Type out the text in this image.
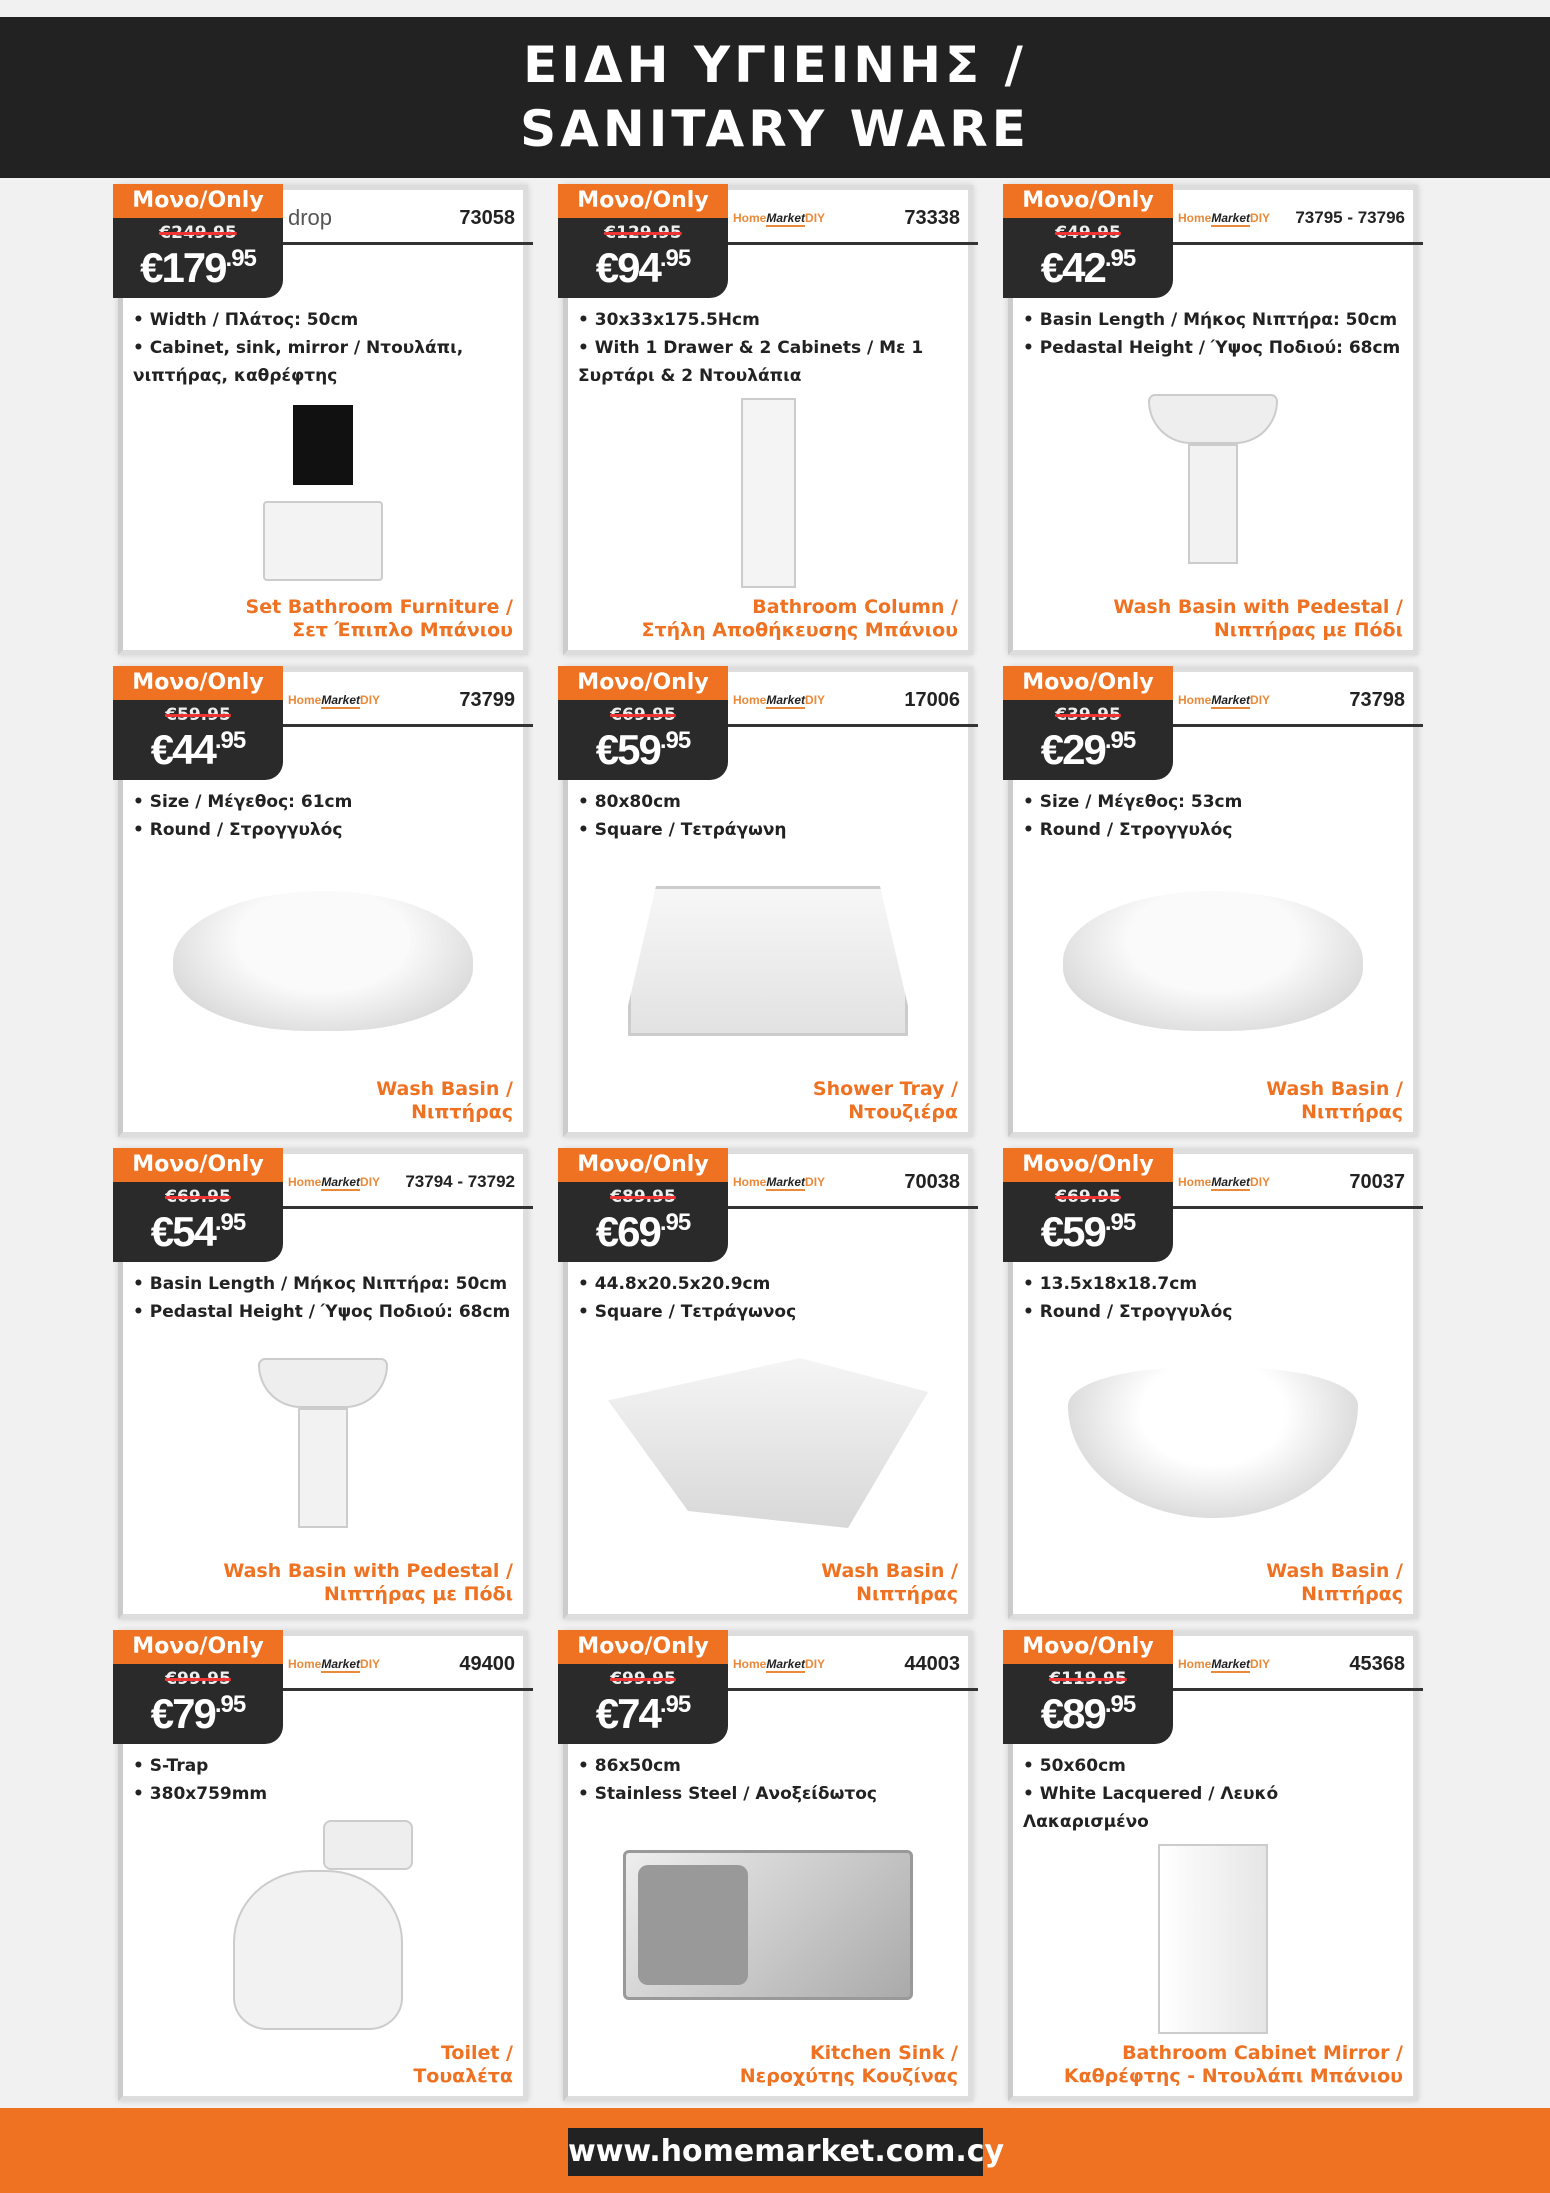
ΕΙΔΗ ΥΓΙΕΙΝΗΣ /
SANITARY WARE
Μονο/Only
€249.95
$€179^{.95}$
drop	73058
• Width / Πλάτος: 50cm
• Cabinet, sink, mirror / Ντουλάπι, νιπτήρας, καθρέφτης
Set Bathroom Furniture /
Σετ Έπιπλο Μπάνιου
Μονο/Only
€129.95
$€94^{.95}$
HomeMarketDIY	73338
• 30x33x175.5Hcm
• With 1 Drawer & 2 Cabinets / Με 1 Συρτάρι & 2 Ντουλάπια
Bathroom Column /
Στήλη Αποθήκευσης Μπάνιου
Μονο/Only
€49.95
$€42^{.95}$
HomeMarketDIY 73795 - 73796
• Basin Length / Μήκος Νιπτήρα: 50cm
• Pedastal Height / Ύψος Ποδιού: 68cm
Wash Basin with Pedestal /
Νιπτήρας με Πόδι
Μονο/Only
€59.95
$€44^{.95}$
HomeMarketDIY	73799
• Size / Μέγεθος: 61cm
• Round / Στρογγυλός
Wash Basin /
Νιπτήρας
Μονο/Only
€69.95
$€59^{.95}$
HomeMarketDIY	17006
• 80x80cm
• Square / Τετράγωνη
Shower Tray /
Ντουζιέρα
Μονο/Only
€39.95
$€29^{.95}$
HomeMarketDIY	73798
• Size / Μέγεθος: 53cm
• Round / Στρογγυλός
Wash Basin /
Νιπτήρας
Μονο/Only
€69.95
$€54^{.95}$
HomeMarketDIY 73794 - 73792
• Basin Length / Μήκος Νιπτήρα: 50cm
• Pedastal Height / Ύψος Ποδιού: 68cm
Wash Basin with Pedestal /
Νιπτήρας με Πόδι
Μονο/Only
€89.95
$€69^{.95}$
HomeMarketDIY	70038
• 44.8x20.5x20.9cm
• Square / Τετράγωνος
Wash Basin /
Νιπτήρας
Μονο/Only
€69.95
$€59^{.95}$
HomeMarketDIY	70037
• 13.5x18x18.7cm
• Round / Στρογγυλός
Wash Basin /
Νιπτήρας
Μονο/Only
€99.95
$€79^{.95}$
HomeMarketDIY	49400
• S-Trap
• 380x759mm
Toilet /
Τουαλέτα
Μονο/Only
€99.95
$€74^{.95}$
HomeMarketDIY	44003
• 86x50cm
• Stainless Steel / Ανοξείδωτος
Kitchen Sink /
Νεροχύτης Κουζίνας
Μονο/Only
€119.95
$€89^{.95}$
HomeMarketDIY	45368
• 50x60cm
• White Lacquered / Λευκό Λακαρισμένο
Bathroom Cabinet Mirror /
Καθρέφτης - Ντουλάπι Μπάνιου
www.homemarket.com.cy
